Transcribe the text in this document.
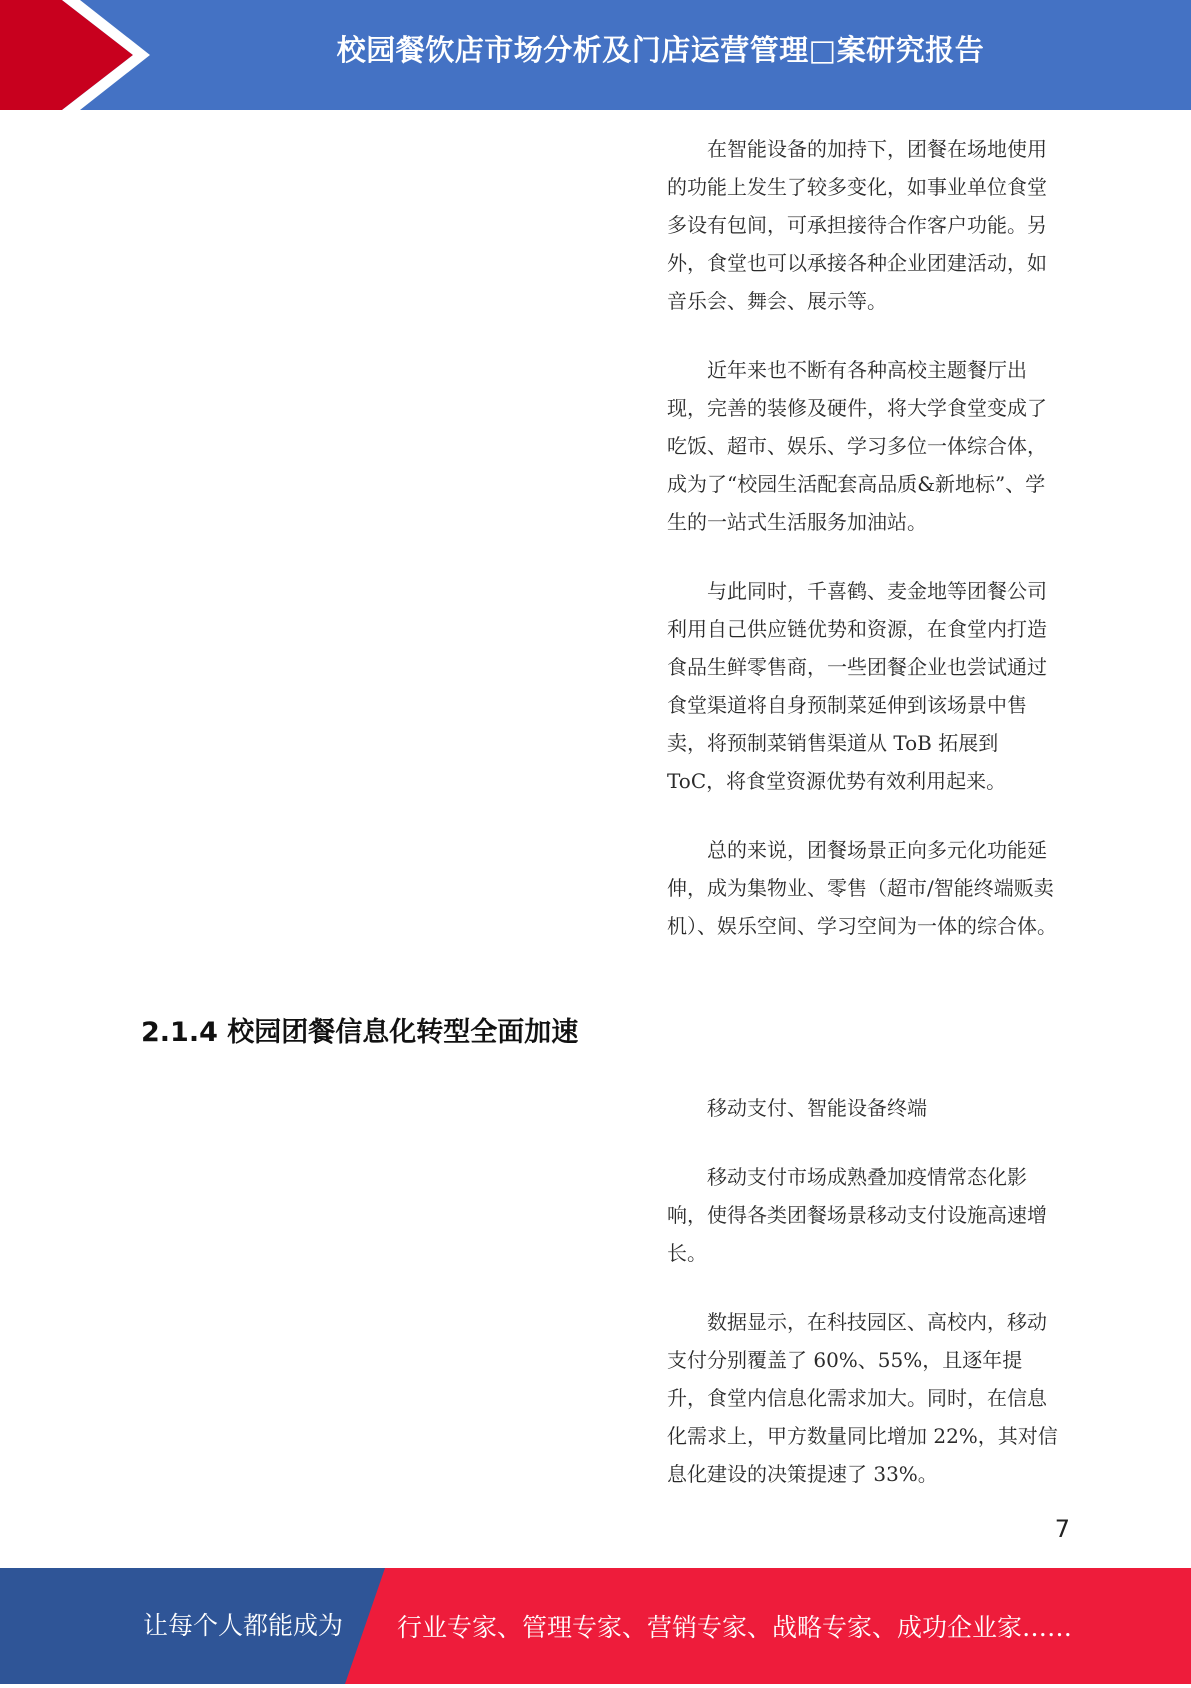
校园餐饮店市场分析及门店运营管理□案研究报告

在智能设备的加持下，团餐在场地使用的功能上发生了较多变化，如事业单位食堂多设有包间，可承担接待合作客户功能。另外，食堂也可以承接各种企业团建活动，如音乐会、舞会、展示等。

近年来也不断有各种高校主题餐厅出现，完善的装修及硬件，将大学食堂变成了吃饭、超市、娱乐、学习多位一体综合体，成为了“校园生活配套高品质&新地标”、学生的一站式生活服务加油站。

与此同时，千喜鹤、麦金地等团餐公司利用自己供应链优势和资源，在食堂内打造食品生鲜零售商，一些团餐企业也尝试通过食堂渠道将自身预制菜延伸到该场景中售卖，将预制菜销售渠道从 ToB 拓展到 ToC，将食堂资源优势有效利用起来。

总的来说，团餐场景正向多元化功能延伸，成为集物业、零售（超市/智能终端贩卖机）、娱乐空间、学习空间为一体的综合体。

2.1.4 校园团餐信息化转型全面加速

移动支付、智能设备终端

移动支付市场成熟叠加疫情常态化影响，使得各类团餐场景移动支付设施高速增长。

数据显示，在科技园区、高校内，移动支付分别覆盖了 60%、55%，且逐年提升，食堂内信息化需求加大。同时，在信息化需求上，甲方数量同比增加 22%，其对信息化建设的决策提速了 33%。

7
让每个人都能成为 行业专家、管理专家、营销专家、战略专家、成功企业家……
